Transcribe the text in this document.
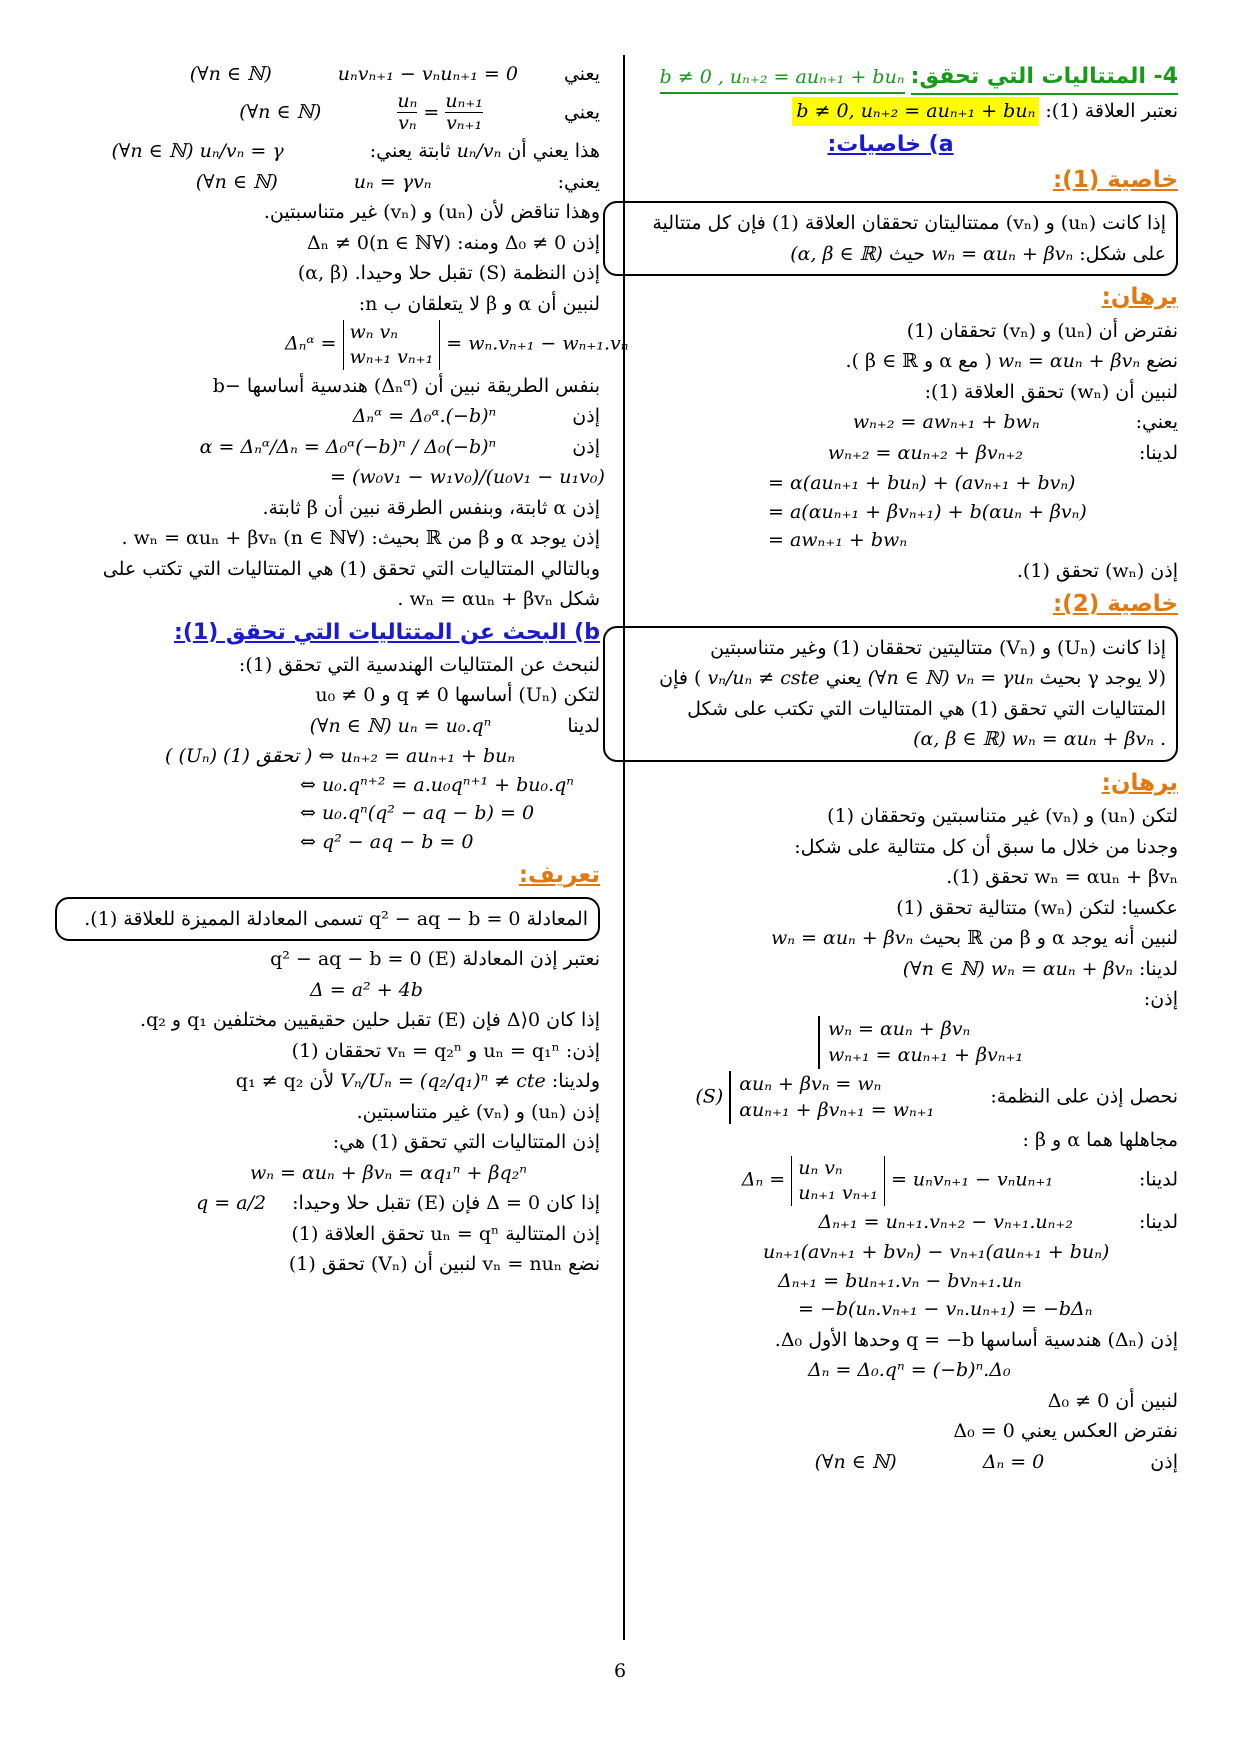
4- المتتاليات التي تحقق: b ≠ 0 , uₙ₊₂ = auₙ₊₁ + buₙ
نعتبر العلاقة (1): b ≠ 0, uₙ₊₂ = auₙ₊₁ + buₙ
a) خاصيات:
خاصية (1):
إذا كانت (uₙ) و (vₙ) ممتتاليتان تحققان العلاقة (1) فإن كل متتالية
على شكل: wₙ = αuₙ + βvₙ حيث (α, β ∈ ℝ)
برهان:
نفترض أن (uₙ) و (vₙ) تحققان (1)
نضع wₙ = αuₙ + βvₙ ( مع α و β ∈ ℝ ).
لنبين أن (wₙ) تحقق العلاقة (1):
يعني: wₙ₊₂ = awₙ₊₁ + bwₙ
لدينا: wₙ₊₂ = αuₙ₊₂ + βvₙ₊₂
= α(auₙ₊₁ + buₙ) + (avₙ₊₁ + bvₙ)
= a(αuₙ₊₁ + βvₙ₊₁) + b(αuₙ + βvₙ)
= awₙ₊₁ + bwₙ
إذن (wₙ) تحقق (1).
خاصية (2):
إذا كانت (Uₙ) و (Vₙ) متتاليتين تحققان (1) وغير متناسبتين
(لا يوجد γ بحيث (∀n ∈ ℕ) vₙ = γuₙ يعني vₙ/uₙ ≠ cste ) فإن
المتتاليات التي تحقق (1) هي المتتاليات التي تكتب على شكل
(α, β ∈ ℝ) wₙ = αuₙ + βvₙ .
برهان:
لتكن (uₙ) و (vₙ) غير متناسبتين وتحققان (1)
وجدنا من خلال ما سبق أن كل متتالية على شكل:
wₙ = αuₙ + βvₙ تحقق (1).
عكسيا: لتكن (wₙ) متتالية تحقق (1)
لنبين أنه يوجد α و β من ℝ بحيث wₙ = αuₙ + βvₙ
لدينا: (∀n ∈ ℕ) wₙ = αuₙ + βvₙ
إذن:
wₙ = αuₙ + βvₙ
wₙ₊₁ = αuₙ₊₁ + βvₙ₊₁
نحصل إذن على النظمة: (S)
αuₙ + βvₙ = wₙ
αuₙ₊₁ + βvₙ₊₁ = wₙ₊₁
مجاهلها هما α و β :
لدينا: Δₙ =
uₙ vₙ
uₙ₊₁ vₙ₊₁
= uₙvₙ₊₁ − vₙuₙ₊₁
لدينا: Δₙ₊₁ = uₙ₊₁.vₙ₊₂ − vₙ₊₁.uₙ₊₂
uₙ₊₁(avₙ₊₁ + bvₙ) − vₙ₊₁(auₙ₊₁ + buₙ)
Δₙ₊₁ = buₙ₊₁.vₙ − bvₙ₊₁.uₙ
= −b(uₙ.vₙ₊₁ − vₙ.uₙ₊₁) = −bΔₙ
إذن (Δₙ) هندسية أساسها q = −b وحدها الأول Δ₀.
Δₙ = Δ₀.qⁿ = (−b)ⁿ.Δ₀
لنبين أن Δ₀ ≠ 0
نفترض العكس يعني Δ₀ = 0
إذن Δₙ = 0 (∀n ∈ ℕ)
يعني uₙvₙ₊₁ − vₙuₙ₊₁ = 0 (∀n ∈ ℕ)
يعني
$\frac{\text{uₙ}}{\text{vₙ}} = \frac{\text{uₙ₊₁}}{\text{vₙ₊₁}}$
(∀n ∈ ℕ)
هذا يعني أن uₙ/vₙ ثابتة يعني: (∀n ∈ ℕ) uₙ/vₙ = γ
يعني: uₙ = γvₙ (∀n ∈ ℕ)
وهذا تناقض لأن (uₙ) و (vₙ) غير متناسبتين.
إذن Δ₀ ≠ 0 ومنه: (∀n ∈ ℕ)Δₙ ≠ 0
إذن النظمة (S) تقبل حلا وحيدا. (α, β)
لنبين أن α و β لا يتعلقان ب n:
Δₙᵅ =
wₙ vₙ
wₙ₊₁ vₙ₊₁
= wₙ.vₙ₊₁ − wₙ₊₁.vₙ
بنفس الطريقة نبين أن (Δₙᵅ) هندسية أساسها −b
إذن Δₙᵅ = Δ₀ᵅ.(−b)ⁿ
إذن α = Δₙᵅ/Δₙ = Δ₀ᵅ(−b)ⁿ / Δ₀(−b)ⁿ
= (w₀v₁ − w₁v₀)/(u₀v₁ − u₁v₀)
إذن α ثابتة، وبنفس الطرقة نبين أن β ثابتة.
إذن يوجد α و β من ℝ بحيث: (∀n ∈ ℕ) wₙ = αuₙ + βvₙ .
وبالتالي المتتاليات التي تحقق (1) هي المتتاليات التي تكتب على
شكل wₙ = αuₙ + βvₙ .
b) البحث عن المتتاليات التي تحقق (1):
لنبحث عن المتتاليات الهندسية التي تحقق (1):
لتكن (Uₙ) أساسها q ≠ 0 و u₀ ≠ 0
لدينا (∀n ∈ ℕ) uₙ = u₀.qⁿ
( (Uₙ) تحقق (1) ) ⇔ uₙ₊₂ = auₙ₊₁ + buₙ
⇔ u₀.qⁿ⁺² = a.u₀qⁿ⁺¹ + bu₀.qⁿ
⇔ u₀.qⁿ(q² − aq − b) = 0
⇔ q² − aq − b = 0
تعريف:
المعادلة q² − aq − b = 0 تسمى المعادلة المميزة للعلاقة (1).
نعتبر إذن المعادلة (E) q² − aq − b = 0
Δ = a² + 4b
إذا كان Δ⟩0 فإن (E) تقبل حلين حقيقيين مختلفين q₁ و q₂.
إذن: uₙ = q₁ⁿ و vₙ = q₂ⁿ تحققان (1)
ولدينا: Vₙ/Uₙ = (q₂/q₁)ⁿ ≠ cte لأن q₁ ≠ q₂
إذن (uₙ) و (vₙ) غير متناسبتين.
إذن المتتاليات التي تحقق (1) هي:
wₙ = αuₙ + βvₙ = αq₁ⁿ + βq₂ⁿ
إذا كان Δ = 0 فإن (E) تقبل حلا وحيدا: q = a/2
إذن المتتالية uₙ = qⁿ تحقق العلاقة (1)
نضع vₙ = nuₙ لنبين أن (Vₙ) تحقق (1)
6
